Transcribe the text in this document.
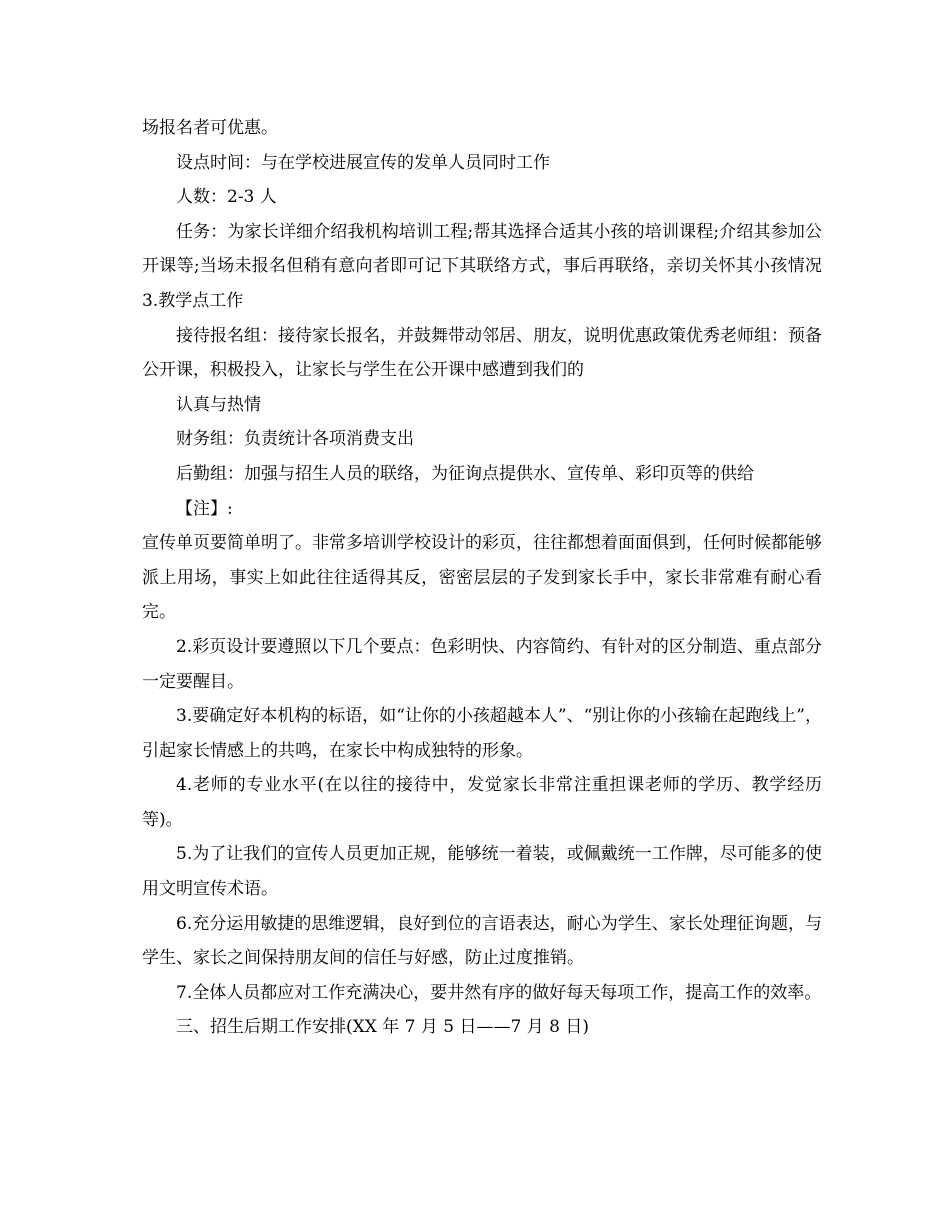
场报名者可优惠。

设点时间：与在学校进展宣传的发单人员同时工作

人数：2-3 人

任务：为家长详细介绍我机构培训工程;帮其选择合适其小孩的培训课程;介绍其参加公开课等;当场未报名但稍有意向者即可记下其联络方式，事后再联络，亲切关怀其小孩情况 3.教学点工作

接待报名组：接待家长报名，并鼓舞带动邻居、朋友，说明优惠政策优秀老师组：预备公开课，积极投入，让家长与学生在公开课中感遭到我们的

认真与热情

财务组：负责统计各项消费支出

后勤组：加强与招生人员的联络，为征询点提供水、宣传单、彩印页等的供给

【注】:

宣传单页要简单明了。非常多培训学校设计的彩页，往往都想着面面俱到，任何时候都能够派上用场，事实上如此往往适得其反，密密层层的子发到家长手中，家长非常难有耐心看完。

2.彩页设计要遵照以下几个要点：色彩明快、内容简约、有针对的区分制造、重点部分一定要醒目。

3.要确定好本机构的标语，如“让你的小孩超越本人”、“别让你的小孩输在起跑线上”，引起家长情感上的共鸣，在家长中构成独特的形象。

4.老师的专业水平(在以往的接待中，发觉家长非常注重担课老师的学历、教学经历等)。

5.为了让我们的宣传人员更加正规，能够统一着装，或佩戴统一工作牌，尽可能多的使用文明宣传术语。

6.充分运用敏捷的思维逻辑，良好到位的言语表达，耐心为学生、家长处理征询题，与学生、家长之间保持朋友间的信任与好感，防止过度推销。

7.全体人员都应对工作充满决心，要井然有序的做好每天每项工作，提高工作的效率。

三、招生后期工作安排(XX 年 7 月 5 日——7 月 8 日)
